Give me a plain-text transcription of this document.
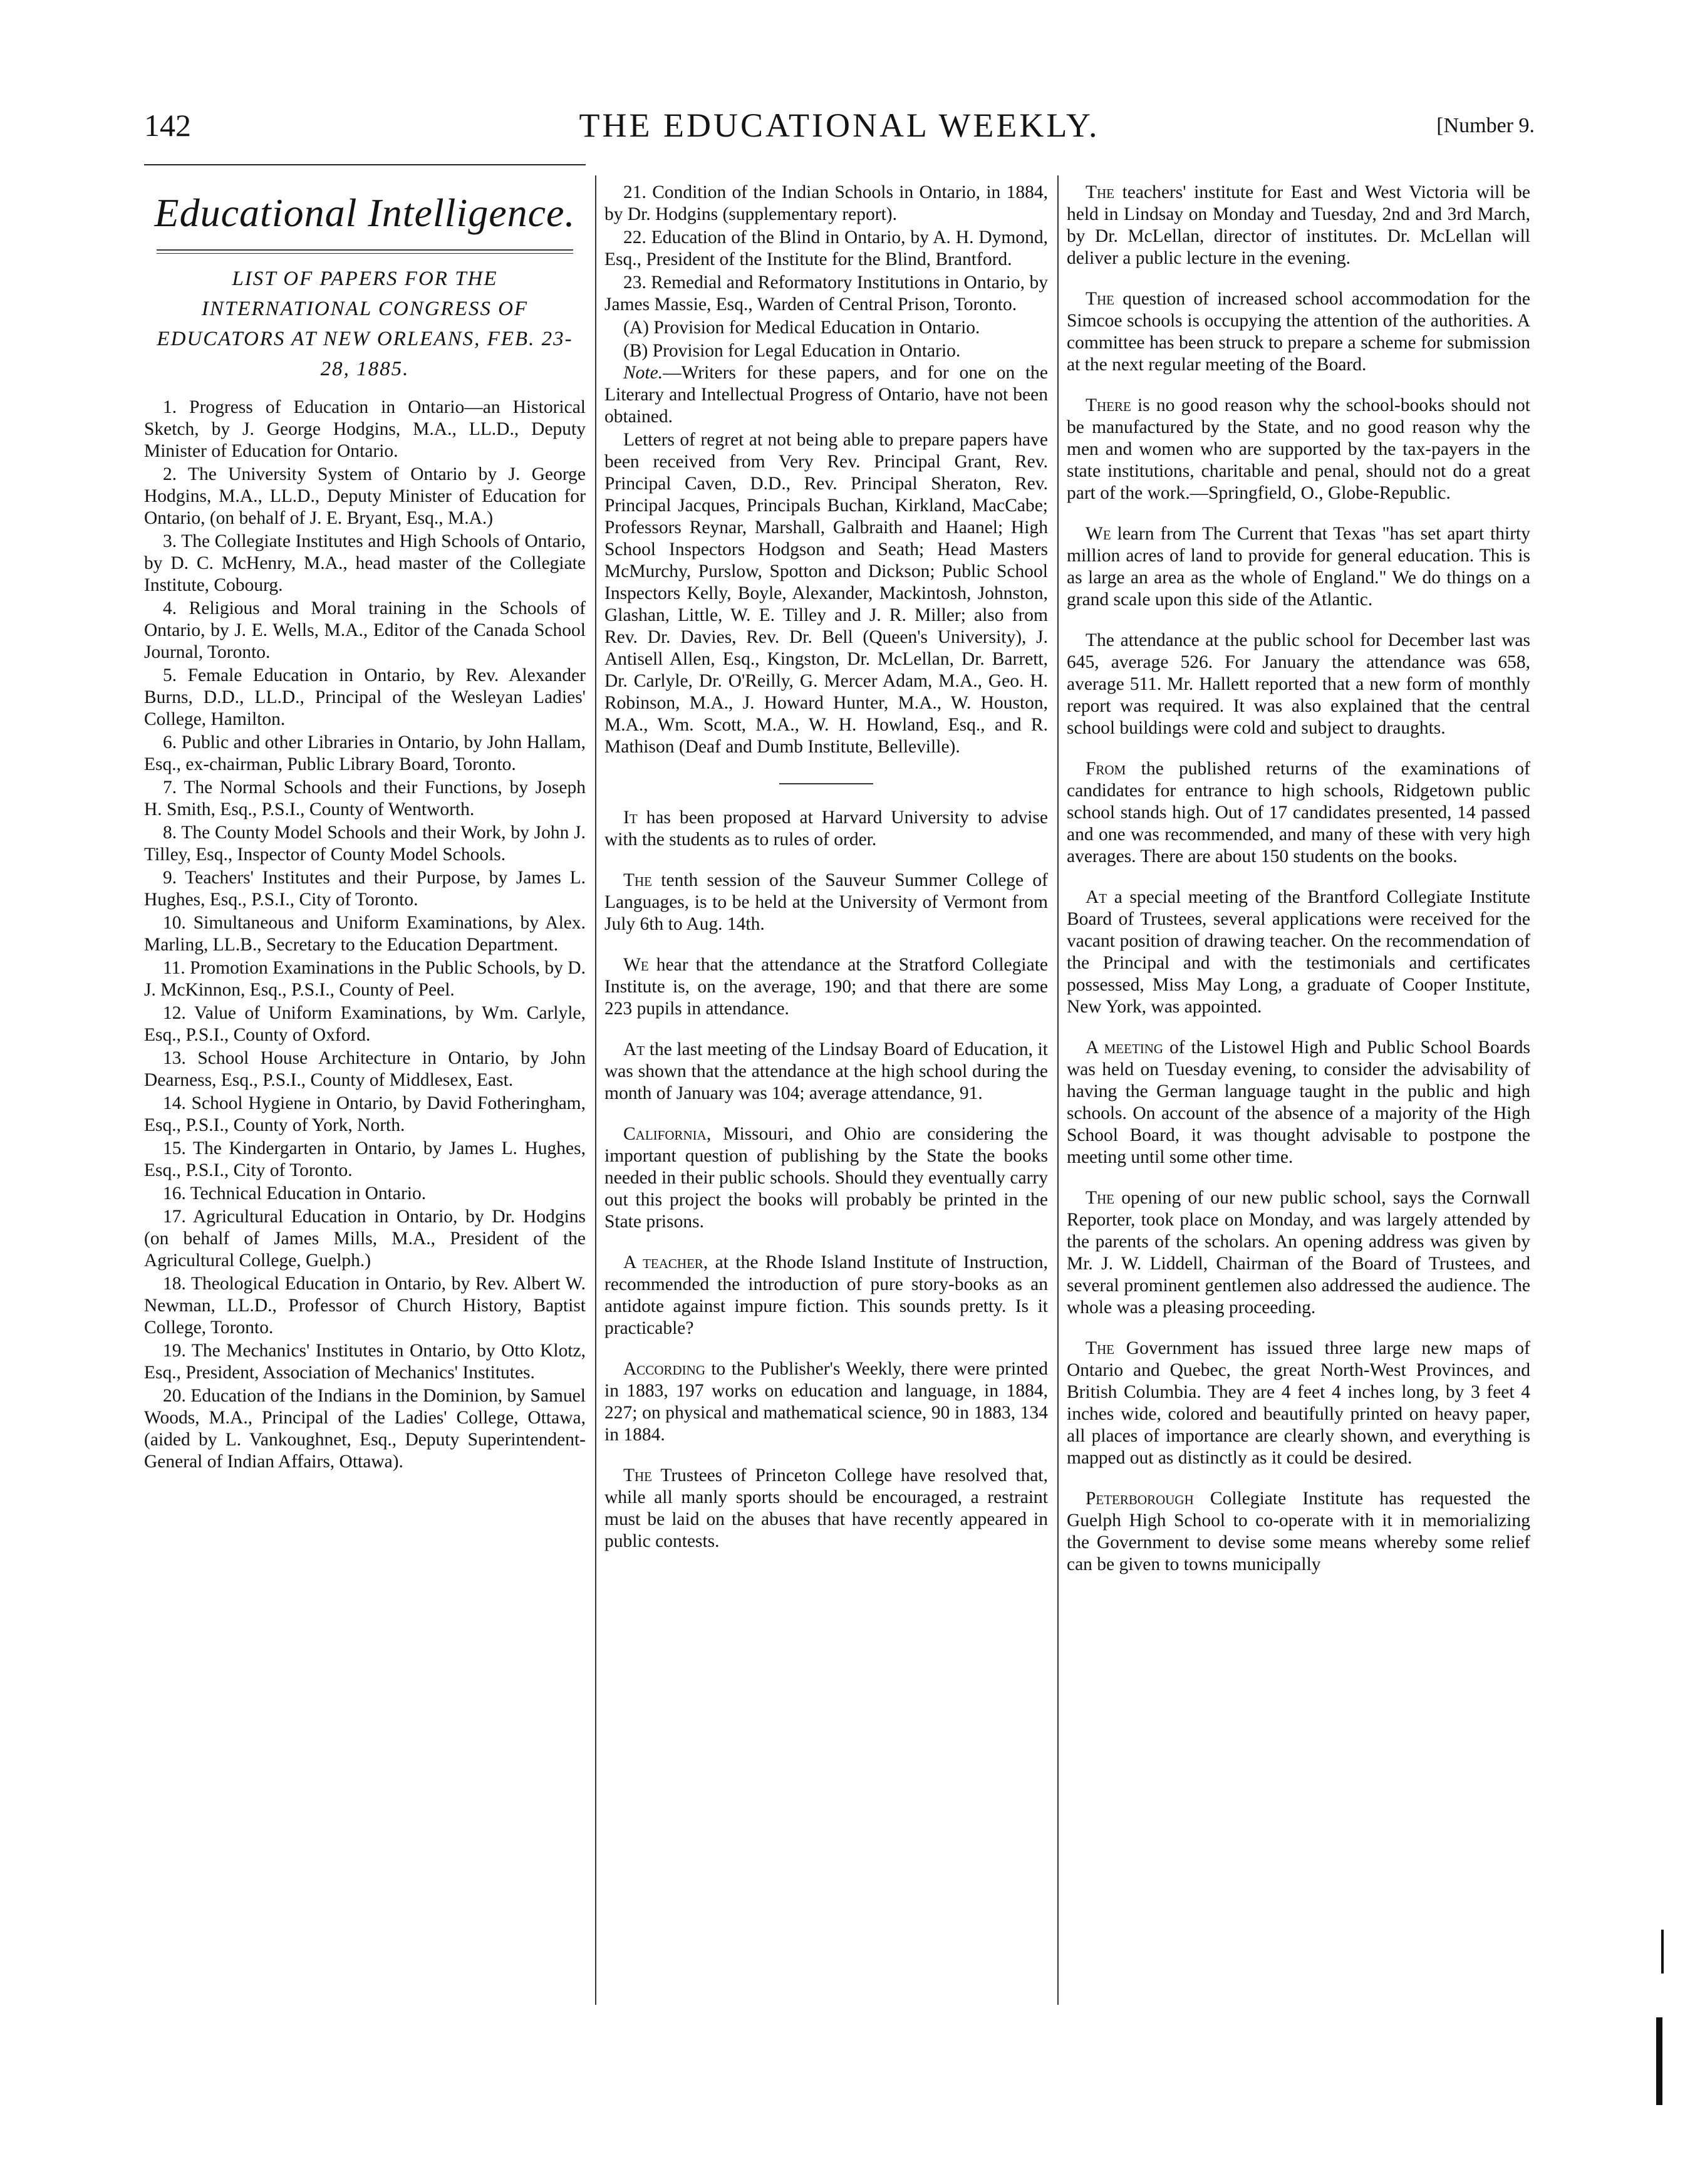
142	THE EDUCATIONAL WEEKLY.	[Number 9.
Educational Intelligence.
LIST OF PAPERS FOR THE INTERNATIONAL CONGRESS OF EDUCATORS AT NEW ORLEANS, FEB. 23-28, 1885.

1. Progress of Education in Ontario—an Historical Sketch, by J. George Hodgins, M.A., LL.D., Deputy Minister of Education for Ontario.

2. The University System of Ontario by J. George Hodgins, M.A., LL.D., Deputy Minister of Education for Ontario, (on behalf of J. E. Bryant, Esq., M.A.)

3. The Collegiate Institutes and High Schools of Ontario, by D. C. McHenry, M.A., head master of the Collegiate Institute, Cobourg.

4. Religious and Moral training in the Schools of Ontario, by J. E. Wells, M.A., Editor of the Canada School Journal, Toronto.

5. Female Education in Ontario, by Rev. Alexander Burns, D.D., LL.D., Principal of the Wesleyan Ladies' College, Hamilton.

6. Public and other Libraries in Ontario, by John Hallam, Esq., ex-chairman, Public Library Board, Toronto.

7. The Normal Schools and their Functions, by Joseph H. Smith, Esq., P.S.I., County of Wentworth.

8. The County Model Schools and their Work, by John J. Tilley, Esq., Inspector of County Model Schools.

9. Teachers' Institutes and their Purpose, by James L. Hughes, Esq., P.S.I., City of Toronto.

10. Simultaneous and Uniform Examinations, by Alex. Marling, LL.B., Secretary to the Education Department.

11. Promotion Examinations in the Public Schools, by D. J. McKinnon, Esq., P.S.I., County of Peel.

12. Value of Uniform Examinations, by Wm. Carlyle, Esq., P.S.I., County of Oxford.

13. School House Architecture in Ontario, by John Dearness, Esq., P.S.I., County of Middlesex, East.

14. School Hygiene in Ontario, by David Fotheringham, Esq., P.S.I., County of York, North.

15. The Kindergarten in Ontario, by James L. Hughes, Esq., P.S.I., City of Toronto.

16. Technical Education in Ontario.

17. Agricultural Education in Ontario, by Dr. Hodgins (on behalf of James Mills, M.A., President of the Agricultural College, Guelph.)

18. Theological Education in Ontario, by Rev. Albert W. Newman, LL.D., Professor of Church History, Baptist College, Toronto.

19. The Mechanics' Institutes in Ontario, by Otto Klotz, Esq., President, Association of Mechanics' Institutes.

20. Education of the Indians in the Dominion, by Samuel Woods, M.A., Principal of the Ladies' College, Ottawa, (aided by L. Vankoughnet, Esq., Deputy Superintendent-General of Indian Affairs, Ottawa).

21. Condition of the Indian Schools in Ontario, in 1884, by Dr. Hodgins (supplementary report).

22. Education of the Blind in Ontario, by A. H. Dymond, Esq., President of the Institute for the Blind, Brantford.

23. Remedial and Reformatory Institutions in Ontario, by James Massie, Esq., Warden of Central Prison, Toronto.

(A) Provision for Medical Education in Ontario.

(B) Provision for Legal Education in Ontario.

Note.—Writers for these papers, and for one on the Literary and Intellectual Progress of Ontario, have not been obtained.

Letters of regret at not being able to prepare papers have been received from Very Rev. Principal Grant, Rev. Principal Caven, D.D., Rev. Principal Sheraton, Rev. Principal Jacques, Principals Buchan, Kirkland, MacCabe; Professors Reynar, Marshall, Galbraith and Haanel; High School Inspectors Hodgson and Seath; Head Masters McMurchy, Purslow, Spotton and Dickson; Public School Inspectors Kelly, Boyle, Alexander, Mackintosh, Johnston, Glashan, Little, W. E. Tilley and J. R. Miller; also from Rev. Dr. Davies, Rev. Dr. Bell (Queen's University), J. Antisell Allen, Esq., Kingston, Dr. McLellan, Dr. Barrett, Dr. Carlyle, Dr. O'Reilly, G. Mercer Adam, M.A., Geo. H. Robinson, M.A., J. Howard Hunter, M.A., W. Houston, M.A., Wm. Scott, M.A., W. H. Howland, Esq., and R. Mathison (Deaf and Dumb Institute, Belleville).

It has been proposed at Harvard University to advise with the students as to rules of order.

The tenth session of the Sauveur Summer College of Languages, is to be held at the University of Vermont from July 6th to Aug. 14th.

We hear that the attendance at the Stratford Collegiate Institute is, on the average, 190; and that there are some 223 pupils in attendance.

At the last meeting of the Lindsay Board of Education, it was shown that the attendance at the high school during the month of January was 104; average attendance, 91.

California, Missouri, and Ohio are considering the important question of publishing by the State the books needed in their public schools. Should they eventually carry out this project the books will probably be printed in the State prisons.

A teacher, at the Rhode Island Institute of Instruction, recommended the introduction of pure story-books as an antidote against impure fiction. This sounds pretty. Is it practicable?

According to the Publisher's Weekly, there were printed in 1883, 197 works on education and language, in 1884, 227; on physical and mathematical science, 90 in 1883, 134 in 1884.

The Trustees of Princeton College have resolved that, while all manly sports should be encouraged, a restraint must be laid on the abuses that have recently appeared in public contests.

The teachers' institute for East and West Victoria will be held in Lindsay on Monday and Tuesday, 2nd and 3rd March, by Dr. McLellan, director of institutes. Dr. McLellan will deliver a public lecture in the evening.

The question of increased school accommodation for the Simcoe schools is occupying the attention of the authorities. A committee has been struck to prepare a scheme for submission at the next regular meeting of the Board.

There is no good reason why the school-books should not be manufactured by the State, and no good reason why the men and women who are supported by the tax-payers in the state institutions, charitable and penal, should not do a great part of the work.—Springfield, O., Globe-Republic.

We learn from The Current that Texas "has set apart thirty million acres of land to provide for general education. This is as large an area as the whole of England." We do things on a grand scale upon this side of the Atlantic.

The attendance at the public school for December last was 645, average 526. For January the attendance was 658, average 511. Mr. Hallett reported that a new form of monthly report was required. It was also explained that the central school buildings were cold and subject to draughts.

From the published returns of the examinations of candidates for entrance to high schools, Ridgetown public school stands high. Out of 17 candidates presented, 14 passed and one was recommended, and many of these with very high averages. There are about 150 students on the books.

At a special meeting of the Brantford Collegiate Institute Board of Trustees, several applications were received for the vacant position of drawing teacher. On the recommendation of the Principal and with the testimonials and certificates possessed, Miss May Long, a graduate of Cooper Institute, New York, was appointed.

A meeting of the Listowel High and Public School Boards was held on Tuesday evening, to consider the advisability of having the German language taught in the public and high schools. On account of the absence of a majority of the High School Board, it was thought advisable to postpone the meeting until some other time.

The opening of our new public school, says the Cornwall Reporter, took place on Monday, and was largely attended by the parents of the scholars. An opening address was given by Mr. J. W. Liddell, Chairman of the Board of Trustees, and several prominent gentlemen also addressed the audience. The whole was a pleasing proceeding.

The Government has issued three large new maps of Ontario and Quebec, the great North-West Provinces, and British Columbia. They are 4 feet 4 inches long, by 3 feet 4 inches wide, colored and beautifully printed on heavy paper, all places of importance are clearly shown, and everything is mapped out as distinctly as it could be desired.

Peterborough Collegiate Institute has requested the Guelph High School to co-operate with it in memorializing the Government to devise some means whereby some relief can be given to towns municipally
